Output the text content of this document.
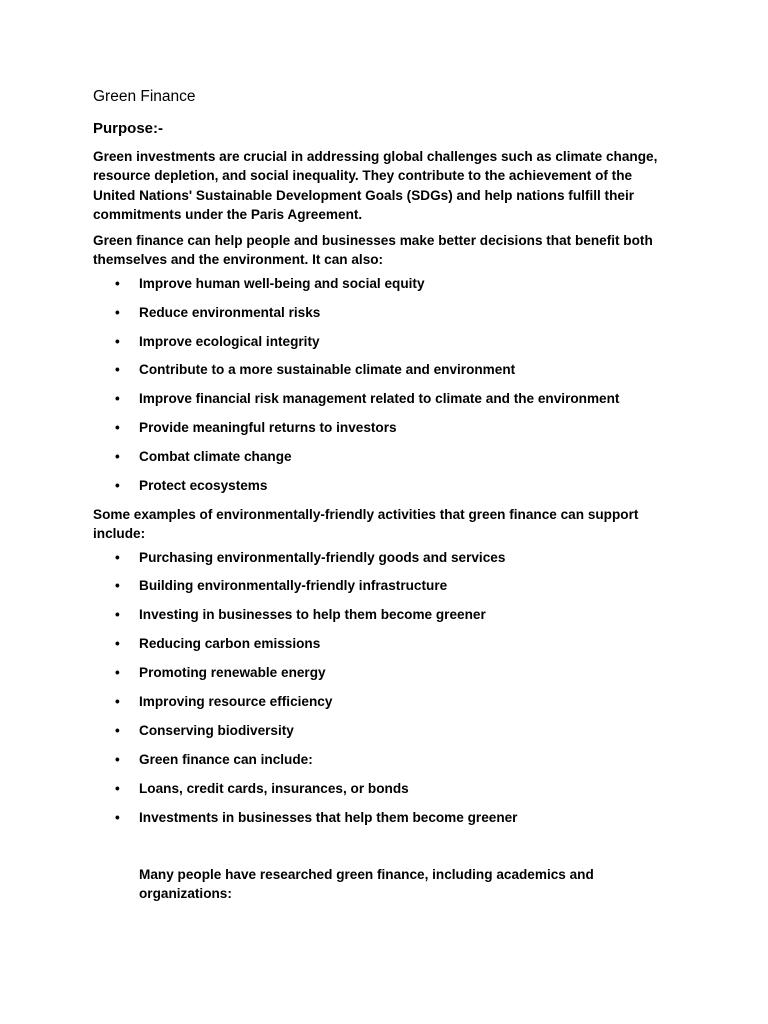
Green Finance
Purpose:-

Green investments are crucial in addressing global challenges such as climate change, resource depletion, and social inequality. They contribute to the achievement of the United Nations' Sustainable Development Goals (SDGs) and help nations fulfill their commitments under the Paris Agreement.

Green finance can help people and businesses make better decisions that benefit both themselves and the environment. It can also:

• Improve human well-being and social equity
• Reduce environmental risks
• Improve ecological integrity
• Contribute to a more sustainable climate and environment
• Improve financial risk management related to climate and the environment
• Provide meaningful returns to investors
• Combat climate change
• Protect ecosystems

Some examples of environmentally-friendly activities that green finance can support include:

• Purchasing environmentally-friendly goods and services
• Building environmentally-friendly infrastructure
• Investing in businesses to help them become greener
• Reducing carbon emissions
• Promoting renewable energy
• Improving resource efficiency
• Conserving biodiversity
• Green finance can include:
• Loans, credit cards, insurances, or bonds
• Investments in businesses that help them become greener

Many people have researched green finance, including academics and organizations:
